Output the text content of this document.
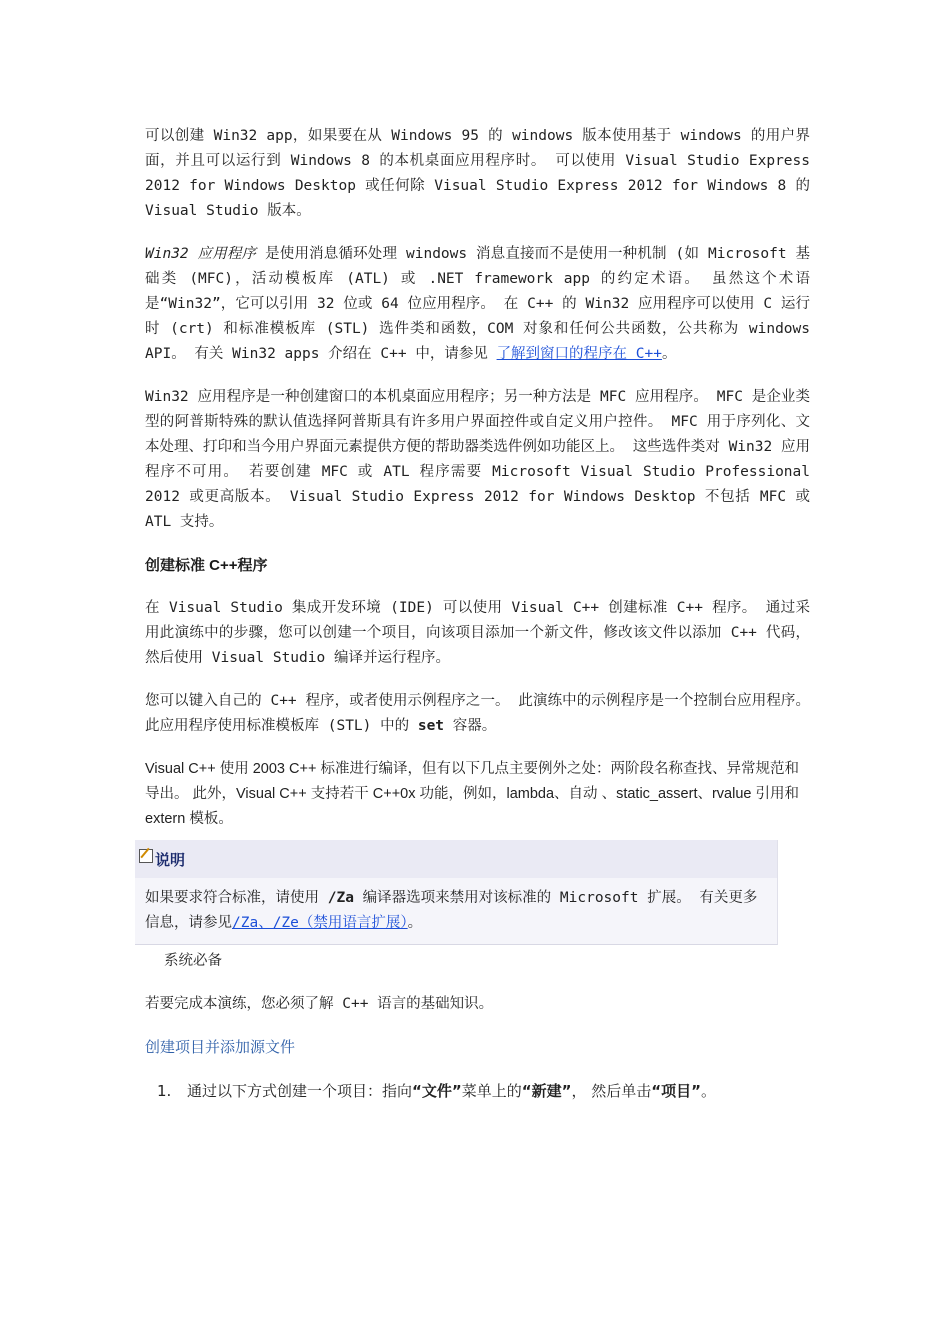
可以创建 Win32 app，如果要在从 Windows 95 的 windows 版本使用基于 windows 的用户界面，并且可以运行到 Windows 8 的本机桌面应用程序时。 可以使用 Visual Studio Express 2012 for Windows Desktop 或任何除 Visual Studio Express 2012 for Windows 8 的 Visual Studio 版本。

Win32 应用程序 是使用消息循环处理 windows 消息直接而不是使用一种机制 (如 Microsoft 基础类 (MFC)，活动模板库 (ATL) 或 .NET framework app 的约定术语。 虽然这个术语是“Win32”，它可以引用 32 位或 64 位应用程序。 在 C++ 的 Win32 应用程序可以使用 C 运行时 (crt) 和标准模板库 (STL) 选件类和函数，COM 对象和任何公共函数，公共称为 windows API。 有关 Win32 apps 介绍在 C++ 中，请参见 了解到窗口的程序在 C++。

Win32 应用程序是一种创建窗口的本机桌面应用程序；另一种方法是 MFC 应用程序。 MFC 是企业类型的阿普斯特殊的默认值选择阿普斯具有许多用户界面控件或自定义用户控件。 MFC 用于序列化、文本处理、打印和当今用户界面元素提供方便的帮助器类选件例如功能区上。 这些选件类对 Win32 应用程序不可用。 若要创建 MFC 或 ATL 程序需要 Microsoft Visual Studio Professional 2012 或更高版本。 Visual Studio Express 2012 for Windows Desktop 不包括 MFC 或 ATL 支持。

创建标准 C++程序

在 Visual Studio 集成开发环境 (IDE) 可以使用 Visual C++ 创建标准 C++ 程序。 通过采用此演练中的步骤，您可以创建一个项目，向该项目添加一个新文件，修改该文件以添加 C++ 代码，然后使用 Visual Studio 编译并运行程序。

您可以键入自己的 C++ 程序，或者使用示例程序之一。 此演练中的示例程序是一个控制台应用程序。 此应用程序使用标准模板库 (STL) 中的 set 容器。

Visual C++ 使用 2003 C++ 标准进行编译，但有以下几点主要例外之处：两阶段名称查找、异常规范和导出。 此外，Visual C++ 支持若干 C++0x 功能，例如，lambda、自动 、static_assert、rvalue 引用和 extern 模板。

说明
如果要求符合标准，请使用 /Za 编译器选项来禁用对该标准的 Microsoft 扩展。 有关更多信息，请参见/Za、/Ze（禁用语言扩展）。

系统必备

若要完成本演练，您必须了解 C++ 语言的基础知识。

创建项目并添加源文件

1. 通过以下方式创建一个项目：指向“文件”菜单上的“新建”， 然后单击“项目”。
